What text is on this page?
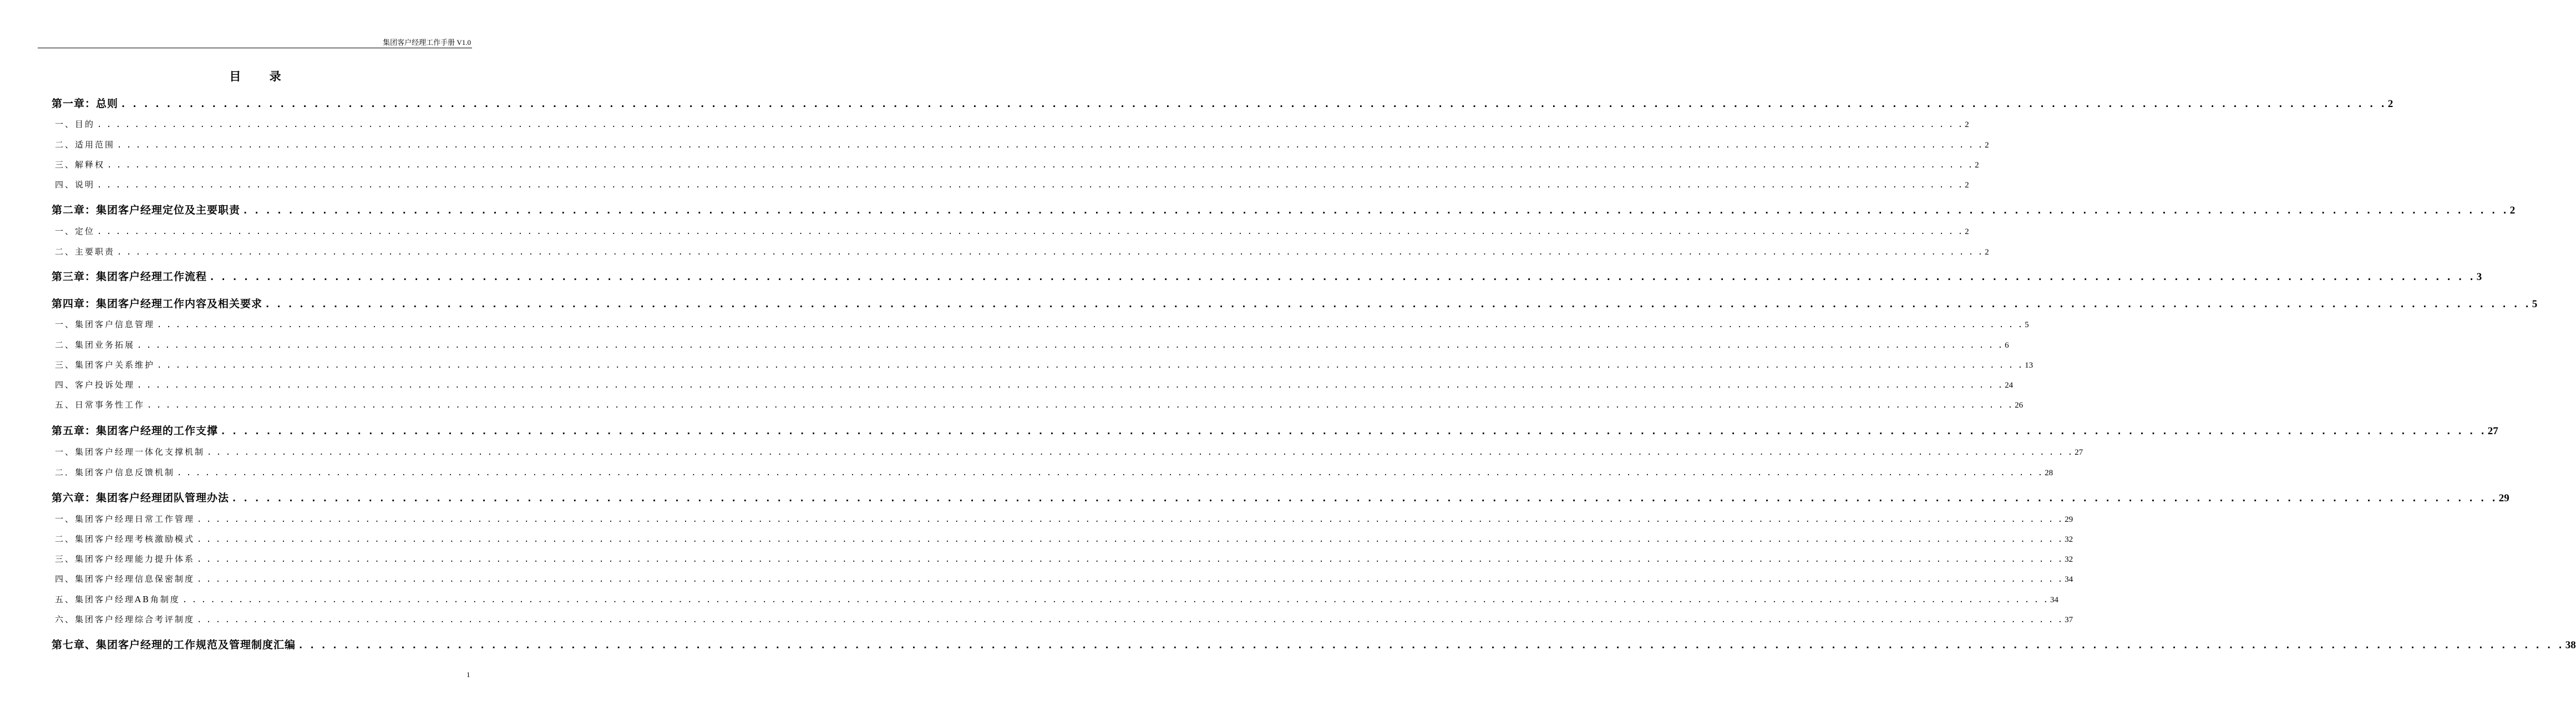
集团客户经理工作手册 V1.0
目 录
第一章：总则 . . . . . . . . . . . . . . . . . . . . . . . . . . . . . . . . . . . . . . . . . . . . . . . . . . . . . . . . . . . . . . . . . . . . . . . . . . . . . . . . . . . . . . . . . . . . . . . . . . . . . . . . . . . . . . . . . . . . . . . . . . . . . . . . . . . . . . . . . . . . . . . . . . . . . . . . . . . . . . . . . . . . . . . . . . . . . . . . . . . . . . . . . . . . . . . . . . . . . . . . 2
一、目的 . . . . . . . . . . . . . . . . . . . . . . . . . . . . . . . . . . . . . . . . . . . . . . . . . . . . . . . . . . . . . . . . . . . . . . . . . . . . . . . . . . . . . . . . . . . . . . . . . . . . . . . . . . . . . . . . . . . . . . . . . . . . . . . . . . . . . . . . . . . . . . . . . . . . . . . . . . . . . . . . . . . . . . . . . . . . . . . . . . . . . . . . . . . . . . . . . . . . . . . . 2
二、适用范围 . . . . . . . . . . . . . . . . . . . . . . . . . . . . . . . . . . . . . . . . . . . . . . . . . . . . . . . . . . . . . . . . . . . . . . . . . . . . . . . . . . . . . . . . . . . . . . . . . . . . . . . . . . . . . . . . . . . . . . . . . . . . . . . . . . . . . . . . . . . . . . . . . . . . . . . . . . . . . . . . . . . . . . . . . . . . . . . . . . . . . . . . . . . . . . . . . . . . . . . . 2
三、解释权 . . . . . . . . . . . . . . . . . . . . . . . . . . . . . . . . . . . . . . . . . . . . . . . . . . . . . . . . . . . . . . . . . . . . . . . . . . . . . . . . . . . . . . . . . . . . . . . . . . . . . . . . . . . . . . . . . . . . . . . . . . . . . . . . . . . . . . . . . . . . . . . . . . . . . . . . . . . . . . . . . . . . . . . . . . . . . . . . . . . . . . . . . . . . . . . . . . . . . . . . 2
四、说明 . . . . . . . . . . . . . . . . . . . . . . . . . . . . . . . . . . . . . . . . . . . . . . . . . . . . . . . . . . . . . . . . . . . . . . . . . . . . . . . . . . . . . . . . . . . . . . . . . . . . . . . . . . . . . . . . . . . . . . . . . . . . . . . . . . . . . . . . . . . . . . . . . . . . . . . . . . . . . . . . . . . . . . . . . . . . . . . . . . . . . . . . . . . . . . . . . . . . . . . . 2
第二章：集团客户经理定位及主要职责 . . . . . . . . . . . . . . . . . . . . . . . . . . . . . . . . . . . . . . . . . . . . . . . . . . . . . . . . . . . . . . . . . . . . . . . . . . . . . . . . . . . . . . . . . . . . . . . . . . . . . . . . . . . . . . . . . . . . . . . . . . . . . . . . . . . . . . . . . . . . . . . . . . . . . . . . . . . . . . . . . . . . . . . . . . . . . . . . . . . . . . . . . . . . . . . . . . . . . . . . 2
一、定位 . . . . . . . . . . . . . . . . . . . . . . . . . . . . . . . . . . . . . . . . . . . . . . . . . . . . . . . . . . . . . . . . . . . . . . . . . . . . . . . . . . . . . . . . . . . . . . . . . . . . . . . . . . . . . . . . . . . . . . . . . . . . . . . . . . . . . . . . . . . . . . . . . . . . . . . . . . . . . . . . . . . . . . . . . . . . . . . . . . . . . . . . . . . . . . . . . . . . . . . . 2
二、主要职责 . . . . . . . . . . . . . . . . . . . . . . . . . . . . . . . . . . . . . . . . . . . . . . . . . . . . . . . . . . . . . . . . . . . . . . . . . . . . . . . . . . . . . . . . . . . . . . . . . . . . . . . . . . . . . . . . . . . . . . . . . . . . . . . . . . . . . . . . . . . . . . . . . . . . . . . . . . . . . . . . . . . . . . . . . . . . . . . . . . . . . . . . . . . . . . . . . . . . . . . . 2
第三章：集团客户经理工作流程 . . . . . . . . . . . . . . . . . . . . . . . . . . . . . . . . . . . . . . . . . . . . . . . . . . . . . . . . . . . . . . . . . . . . . . . . . . . . . . . . . . . . . . . . . . . . . . . . . . . . . . . . . . . . . . . . . . . . . . . . . . . . . . . . . . . . . . . . . . . . . . . . . . . . . . . . . . . . . . . . . . . . . . . . . . . . . . . . . . . . . . . . . . . . . . . . . . . . . . . . 3
第四章：集团客户经理工作内容及相关要求 . . . . . . . . . . . . . . . . . . . . . . . . . . . . . . . . . . . . . . . . . . . . . . . . . . . . . . . . . . . . . . . . . . . . . . . . . . . . . . . . . . . . . . . . . . . . . . . . . . . . . . . . . . . . . . . . . . . . . . . . . . . . . . . . . . . . . . . . . . . . . . . . . . . . . . . . . . . . . . . . . . . . . . . . . . . . . . . . . . . . . . . . . . . . . . . . . . . . . . . . 5
一、集团客户信息管理 . . . . . . . . . . . . . . . . . . . . . . . . . . . . . . . . . . . . . . . . . . . . . . . . . . . . . . . . . . . . . . . . . . . . . . . . . . . . . . . . . . . . . . . . . . . . . . . . . . . . . . . . . . . . . . . . . . . . . . . . . . . . . . . . . . . . . . . . . . . . . . . . . . . . . . . . . . . . . . . . . . . . . . . . . . . . . . . . . . . . . . . . . . . . . . . . . . . . . . . . 5
二、集团业务拓展 . . . . . . . . . . . . . . . . . . . . . . . . . . . . . . . . . . . . . . . . . . . . . . . . . . . . . . . . . . . . . . . . . . . . . . . . . . . . . . . . . . . . . . . . . . . . . . . . . . . . . . . . . . . . . . . . . . . . . . . . . . . . . . . . . . . . . . . . . . . . . . . . . . . . . . . . . . . . . . . . . . . . . . . . . . . . . . . . . . . . . . . . . . . . . . . . . . . . . . . . 6
三、集团客户关系维护 . . . . . . . . . . . . . . . . . . . . . . . . . . . . . . . . . . . . . . . . . . . . . . . . . . . . . . . . . . . . . . . . . . . . . . . . . . . . . . . . . . . . . . . . . . . . . . . . . . . . . . . . . . . . . . . . . . . . . . . . . . . . . . . . . . . . . . . . . . . . . . . . . . . . . . . . . . . . . . . . . . . . . . . . . . . . . . . . . . . . . . . . . . . . . . . . . . . . . . . . 13
四、客户投诉处理 . . . . . . . . . . . . . . . . . . . . . . . . . . . . . . . . . . . . . . . . . . . . . . . . . . . . . . . . . . . . . . . . . . . . . . . . . . . . . . . . . . . . . . . . . . . . . . . . . . . . . . . . . . . . . . . . . . . . . . . . . . . . . . . . . . . . . . . . . . . . . . . . . . . . . . . . . . . . . . . . . . . . . . . . . . . . . . . . . . . . . . . . . . . . . . . . . . . . . . . . 24
五、日常事务性工作 . . . . . . . . . . . . . . . . . . . . . . . . . . . . . . . . . . . . . . . . . . . . . . . . . . . . . . . . . . . . . . . . . . . . . . . . . . . . . . . . . . . . . . . . . . . . . . . . . . . . . . . . . . . . . . . . . . . . . . . . . . . . . . . . . . . . . . . . . . . . . . . . . . . . . . . . . . . . . . . . . . . . . . . . . . . . . . . . . . . . . . . . . . . . . . . . . . . . . . . . 26
第五章：集团客户经理的工作支撑 . . . . . . . . . . . . . . . . . . . . . . . . . . . . . . . . . . . . . . . . . . . . . . . . . . . . . . . . . . . . . . . . . . . . . . . . . . . . . . . . . . . . . . . . . . . . . . . . . . . . . . . . . . . . . . . . . . . . . . . . . . . . . . . . . . . . . . . . . . . . . . . . . . . . . . . . . . . . . . . . . . . . . . . . . . . . . . . . . . . . . . . . . . . . . . . . . . . . . . . . 27
一、集团客户经理一体化支撑机制 . . . . . . . . . . . . . . . . . . . . . . . . . . . . . . . . . . . . . . . . . . . . . . . . . . . . . . . . . . . . . . . . . . . . . . . . . . . . . . . . . . . . . . . . . . . . . . . . . . . . . . . . . . . . . . . . . . . . . . . . . . . . . . . . . . . . . . . . . . . . . . . . . . . . . . . . . . . . . . . . . . . . . . . . . . . . . . . . . . . . . . . . . . . . . . . . . . . . . . . . 27
二．集团客户信息反馈机制 . . . . . . . . . . . . . . . . . . . . . . . . . . . . . . . . . . . . . . . . . . . . . . . . . . . . . . . . . . . . . . . . . . . . . . . . . . . . . . . . . . . . . . . . . . . . . . . . . . . . . . . . . . . . . . . . . . . . . . . . . . . . . . . . . . . . . . . . . . . . . . . . . . . . . . . . . . . . . . . . . . . . . . . . . . . . . . . . . . . . . . . . . . . . . . . . . . . . . . . . 28
第六章：集团客户经理团队管理办法 . . . . . . . . . . . . . . . . . . . . . . . . . . . . . . . . . . . . . . . . . . . . . . . . . . . . . . . . . . . . . . . . . . . . . . . . . . . . . . . . . . . . . . . . . . . . . . . . . . . . . . . . . . . . . . . . . . . . . . . . . . . . . . . . . . . . . . . . . . . . . . . . . . . . . . . . . . . . . . . . . . . . . . . . . . . . . . . . . . . . . . . . . . . . . . . . . . . . . . . . 29
一、集团客户经理日常工作管理 . . . . . . . . . . . . . . . . . . . . . . . . . . . . . . . . . . . . . . . . . . . . . . . . . . . . . . . . . . . . . . . . . . . . . . . . . . . . . . . . . . . . . . . . . . . . . . . . . . . . . . . . . . . . . . . . . . . . . . . . . . . . . . . . . . . . . . . . . . . . . . . . . . . . . . . . . . . . . . . . . . . . . . . . . . . . . . . . . . . . . . . . . . . . . . . . . . . . . . . . 29
二、集团客户经理考核激励模式 . . . . . . . . . . . . . . . . . . . . . . . . . . . . . . . . . . . . . . . . . . . . . . . . . . . . . . . . . . . . . . . . . . . . . . . . . . . . . . . . . . . . . . . . . . . . . . . . . . . . . . . . . . . . . . . . . . . . . . . . . . . . . . . . . . . . . . . . . . . . . . . . . . . . . . . . . . . . . . . . . . . . . . . . . . . . . . . . . . . . . . . . . . . . . . . . . . . . . . . . 32
三、集团客户经理能力提升体系 . . . . . . . . . . . . . . . . . . . . . . . . . . . . . . . . . . . . . . . . . . . . . . . . . . . . . . . . . . . . . . . . . . . . . . . . . . . . . . . . . . . . . . . . . . . . . . . . . . . . . . . . . . . . . . . . . . . . . . . . . . . . . . . . . . . . . . . . . . . . . . . . . . . . . . . . . . . . . . . . . . . . . . . . . . . . . . . . . . . . . . . . . . . . . . . . . . . . . . . . 32
四、集团客户经理信息保密制度 . . . . . . . . . . . . . . . . . . . . . . . . . . . . . . . . . . . . . . . . . . . . . . . . . . . . . . . . . . . . . . . . . . . . . . . . . . . . . . . . . . . . . . . . . . . . . . . . . . . . . . . . . . . . . . . . . . . . . . . . . . . . . . . . . . . . . . . . . . . . . . . . . . . . . . . . . . . . . . . . . . . . . . . . . . . . . . . . . . . . . . . . . . . . . . . . . . . . . . . . 34
五、集团客户经理AB角制度 . . . . . . . . . . . . . . . . . . . . . . . . . . . . . . . . . . . . . . . . . . . . . . . . . . . . . . . . . . . . . . . . . . . . . . . . . . . . . . . . . . . . . . . . . . . . . . . . . . . . . . . . . . . . . . . . . . . . . . . . . . . . . . . . . . . . . . . . . . . . . . . . . . . . . . . . . . . . . . . . . . . . . . . . . . . . . . . . . . . . . . . . . . . . . . . . . . . . . . . . 34
六、集团客户经理综合考评制度 . . . . . . . . . . . . . . . . . . . . . . . . . . . . . . . . . . . . . . . . . . . . . . . . . . . . . . . . . . . . . . . . . . . . . . . . . . . . . . . . . . . . . . . . . . . . . . . . . . . . . . . . . . . . . . . . . . . . . . . . . . . . . . . . . . . . . . . . . . . . . . . . . . . . . . . . . . . . . . . . . . . . . . . . . . . . . . . . . . . . . . . . . . . . . . . . . . . . . . . . 37
第七章、集团客户经理的工作规范及管理制度汇编 . . . . . . . . . . . . . . . . . . . . . . . . . . . . . . . . . . . . . . . . . . . . . . . . . . . . . . . . . . . . . . . . . . . . . . . . . . . . . . . . . . . . . . . . . . . . . . . . . . . . . . . . . . . . . . . . . . . . . . . . . . . . . . . . . . . . . . . . . . . . . . . . . . . . . . . . . . . . . . . . . . . . . . . . . . . . . . . . . . . . . . . . . . . . . . . . . . . . . . . . 38
1
